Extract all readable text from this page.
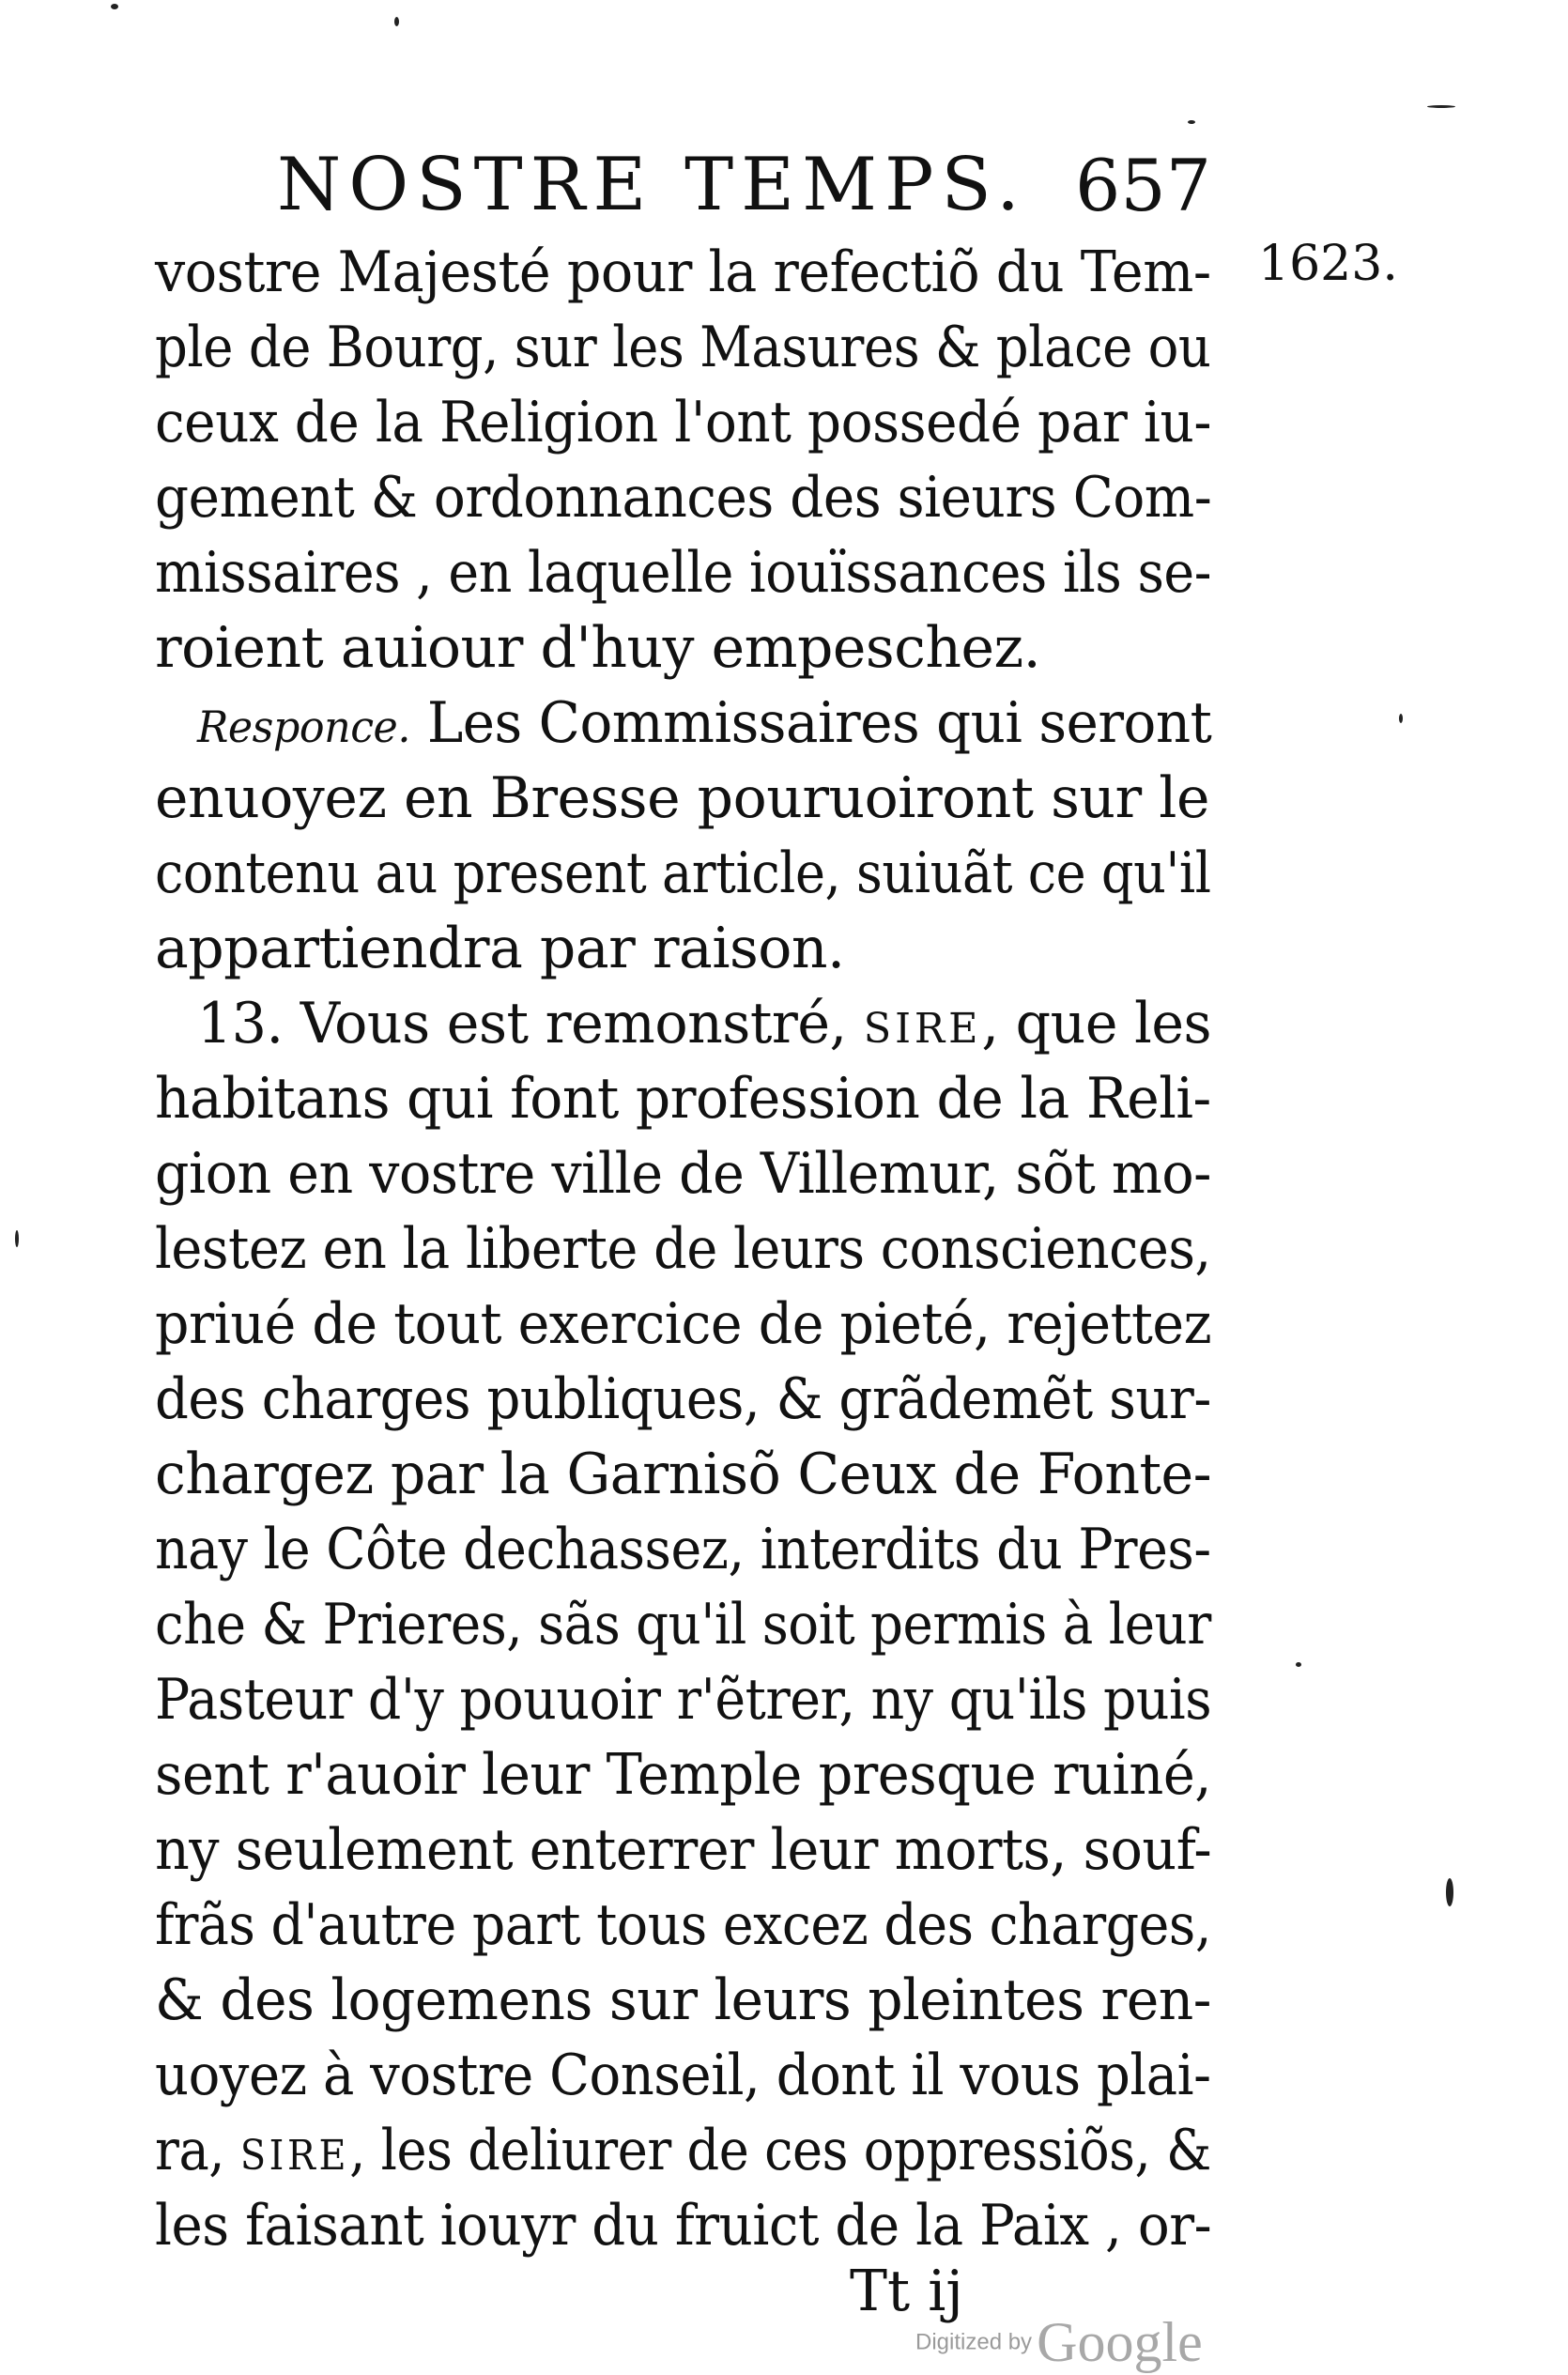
NOSTRE TEMPS. 657
1623.
vostre Majesté pour la refectiõ du Tem-
ple de Bourg, sur les Masures & place ou
ceux de la Religion l'ont possedé par iu-
gement & ordonnances des sieurs Com-
missaires , en laquelle iouïssances ils se-
roient auiour d'huy empeschez.
Responce. Les Commissaires qui seront
enuoyez en Bresse pouruoiront sur le
contenu au present article, suiuãt ce qu'il
appartiendra par raison.
13. Vous est remonstré, SIRE, que les
habitans qui font profession de la Reli-
gion en vostre ville de Villemur, sõt mo-
lestez en la liberte de leurs consciences,
priué de tout exercice de pieté, rejettez
des charges publiques, & grãdemẽt sur-
chargez par la Garnisõ Ceux de Fonte-
nay le Côte dechassez, interdits du Pres-
che & Prieres, sãs qu'il soit permis à leur
Pasteur d'y pouuoir r'ẽtrer, ny qu'ils puis
sent r'auoir leur Temple presque ruiné,
ny seulement enterrer leur morts, souf-
frãs d'autre part tous excez des charges,
& des logemens sur leurs pleintes ren-
uoyez à vostre Conseil, dont il vous plai-
ra, SIRE, les deliurer de ces oppressiõs, &
les faisant iouyr du fruict de la Paix , or-
Tt ij
Digitized by Google
